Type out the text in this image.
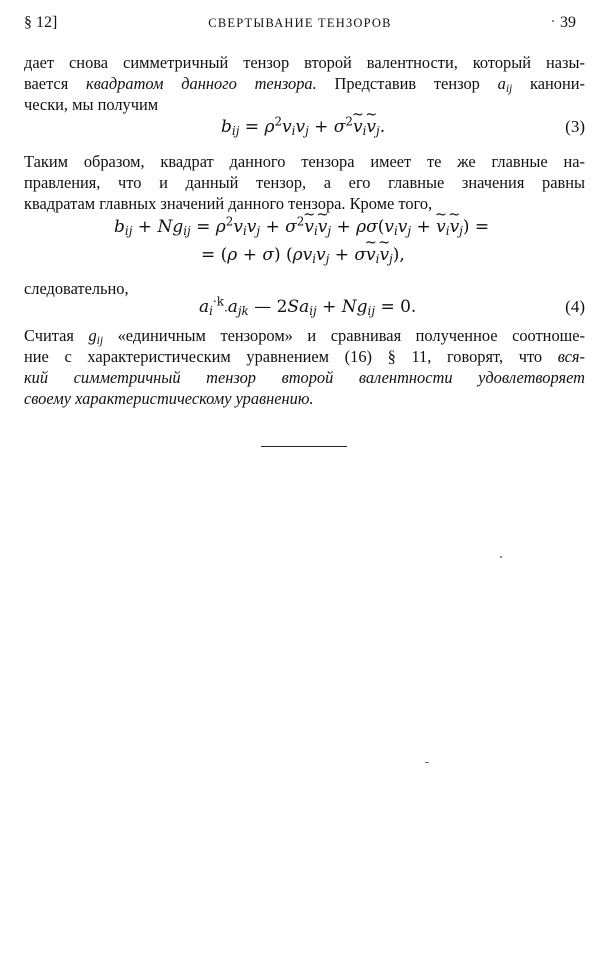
§ 12]	СВЕРТЫВАНИЕ ТЕНЗОРОВ	39
дает снова симметричный тензор второй валентности, который назы-
вается квадратом данного тензора. Представив тензор $a_{ij}$ канони-
чески, мы получим
$b_{ij} = \rho^2v_iv_j$ + $\sigma^2\sim$ $v_i\sim$ $v_j$.	(3)
Таким образом, квадрат данного тензора имеет те же главные на-
правления, что и данный тензор, а его главные значения равны
квадратам главных значений данного тензора. Кроме того,
$b_{ij} + Ng_{ij} = \rho^2v_iv_j$ + $\sigma^2\sim$ $v_i\sim$ $v_j + \rho\sigma(v_iv_j$ + ~ $v_i\sim$ $v_j$) =
= (ρ + σ) ($\rho v_iv_j$ + σ~ $v_i\sim$ $v_j$),
следовательно,
$a_i^{\cdot k}_\cdot a_{jk}$ — $2Sa_{ij} + Ng_{ij} = 0$.	(4)
Считая $g_{ij}$ «единичным тензором» и сравнивая полученное соотноше-
ние с характеристическим уравнением (16) § 11, говорят, что вся-
кий симметричный тензор второй валентности удовлетворяет
своему характеристическому уравнению.
